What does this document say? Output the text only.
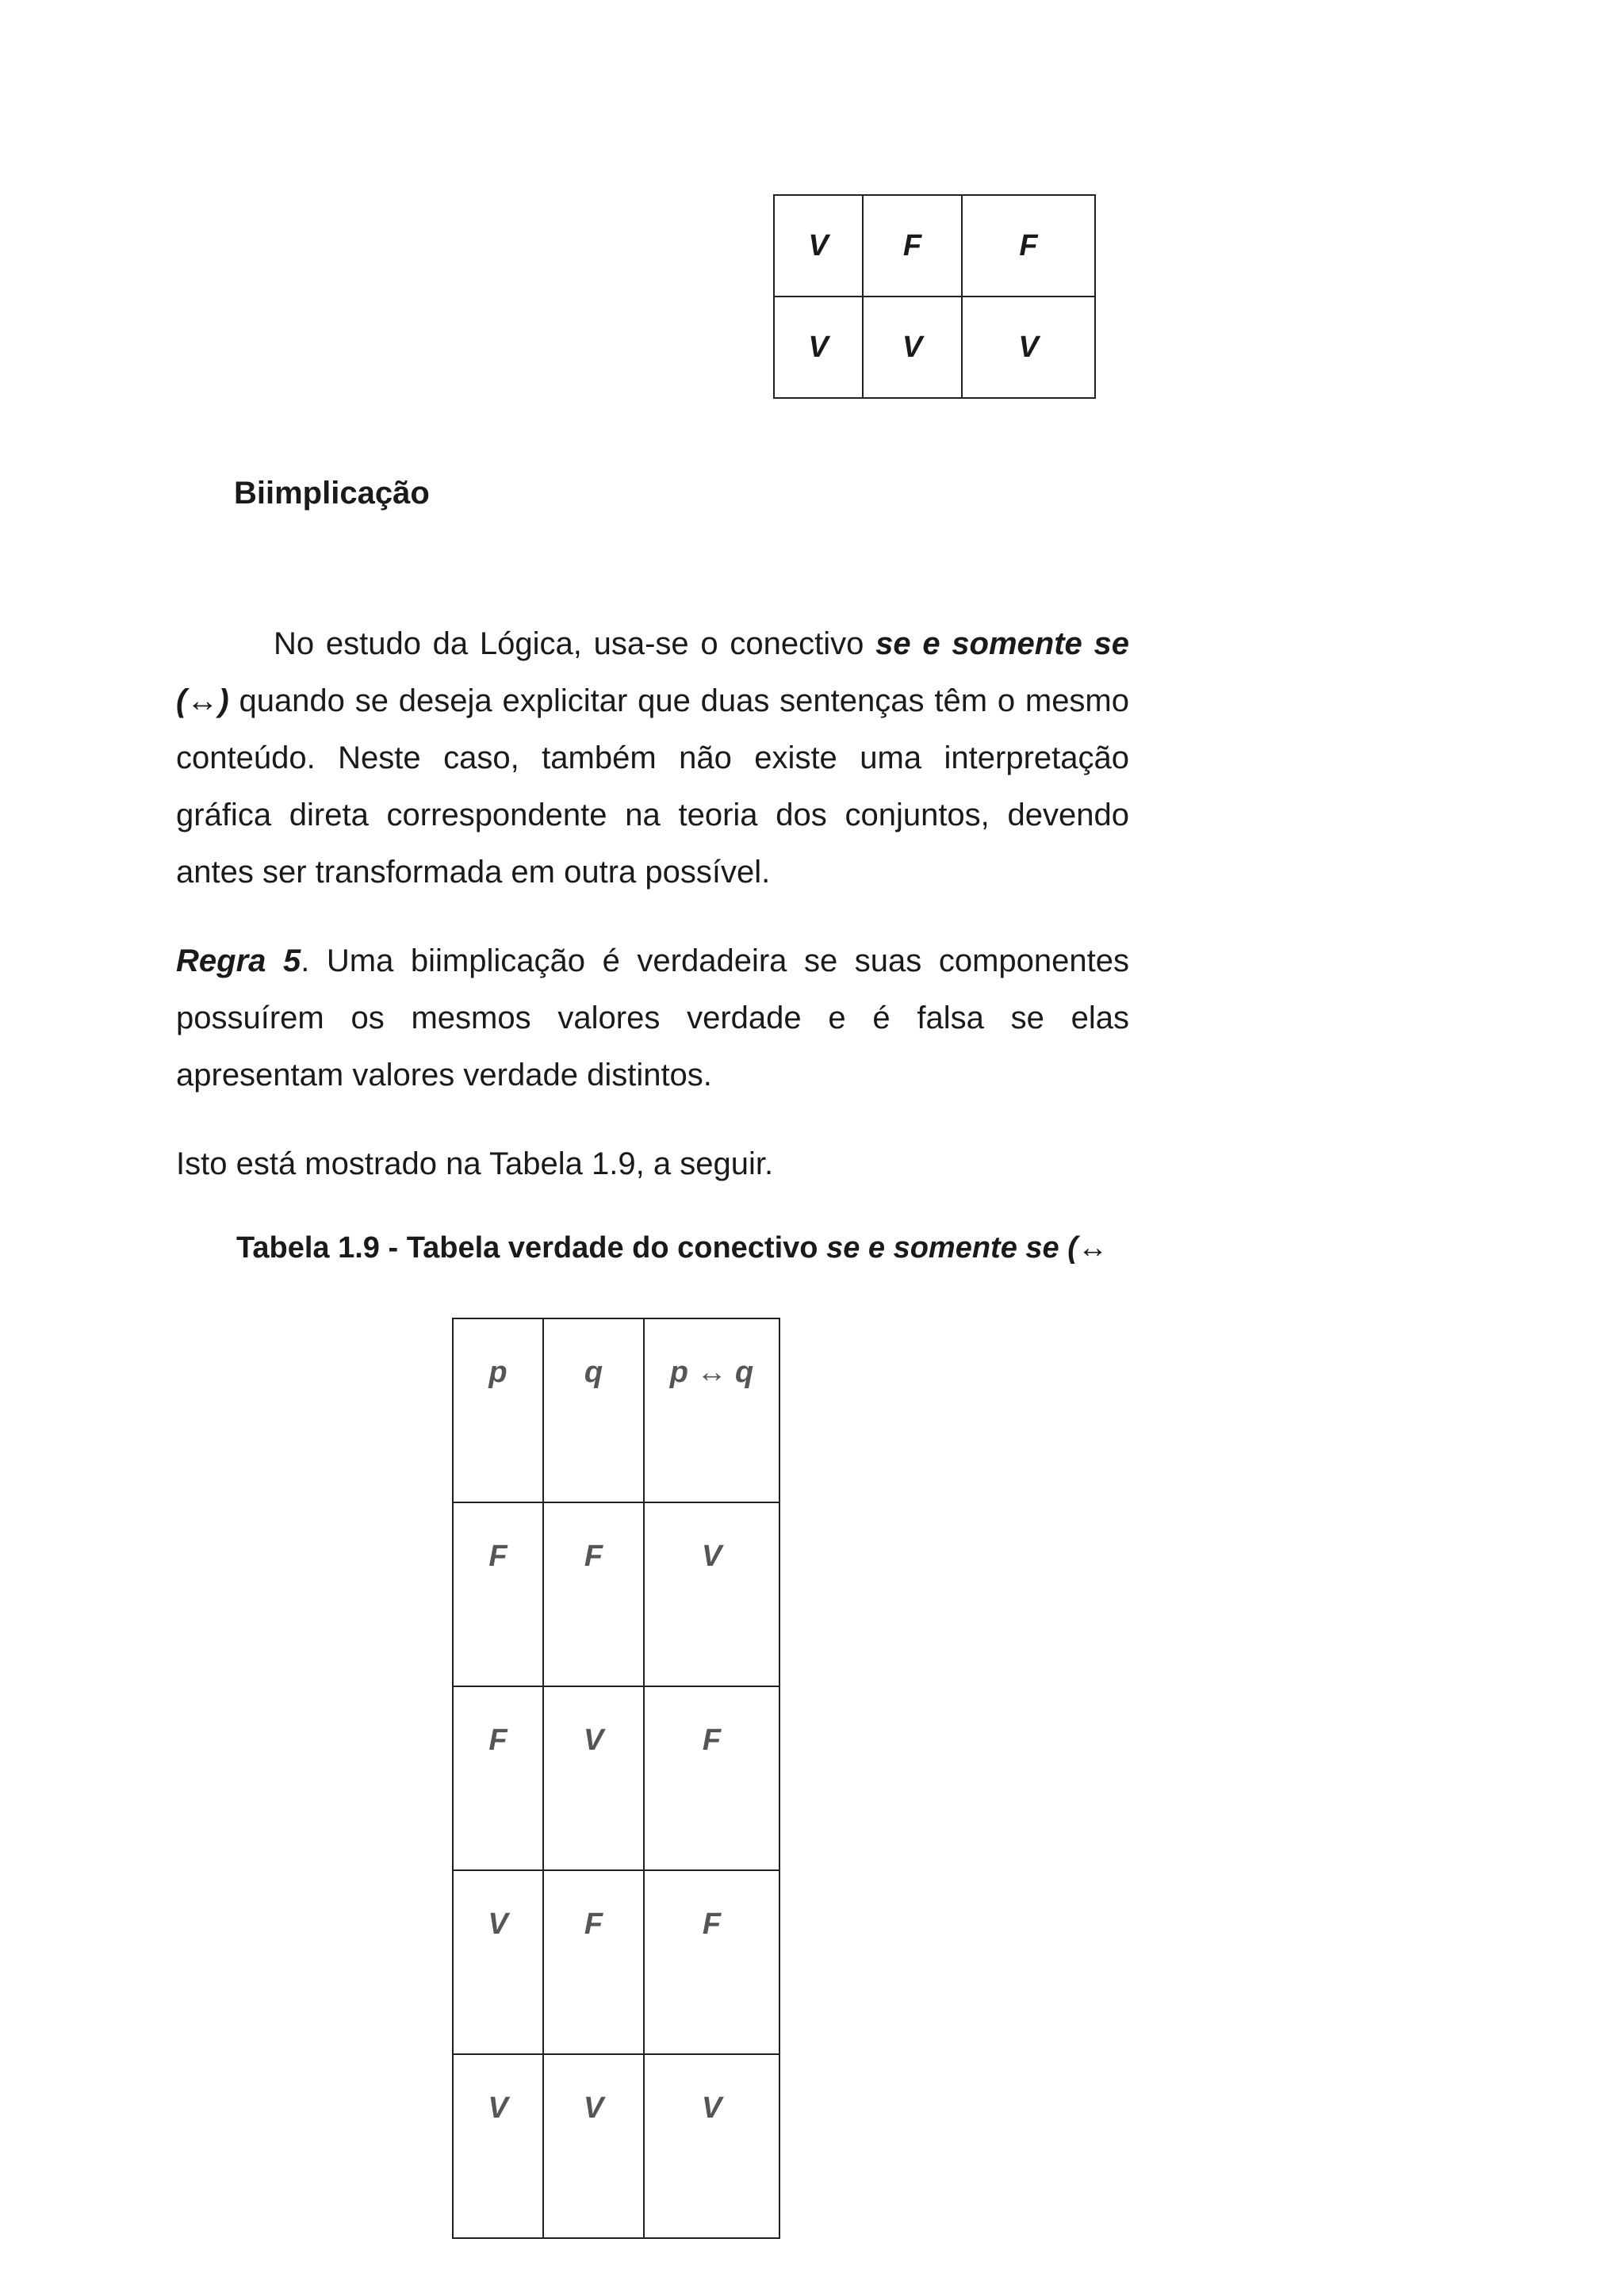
V	F	F
V	V	V
Biimplicação

No estudo da Lógica, usa-se o conectivo se e somente se (↔) quando se deseja explicitar que duas sentenças têm o mesmo conteúdo. Neste caso, também não existe uma interpretação gráfica direta correspondente na teoria dos conjuntos, devendo antes ser transformada em outra possível.

Regra 5. Uma biimplicação é verdadeira se suas componentes possuírem os mesmos valores verdade e é falsa se elas apresentam valores verdade distintos.

Isto está mostrado na Tabela 1.9, a seguir.

Tabela 1.9 - Tabela verdade do conectivo se e somente se (↔

p	q	p ↔ q
F	F	V
F	V	F
V	F	F
V	V	V
